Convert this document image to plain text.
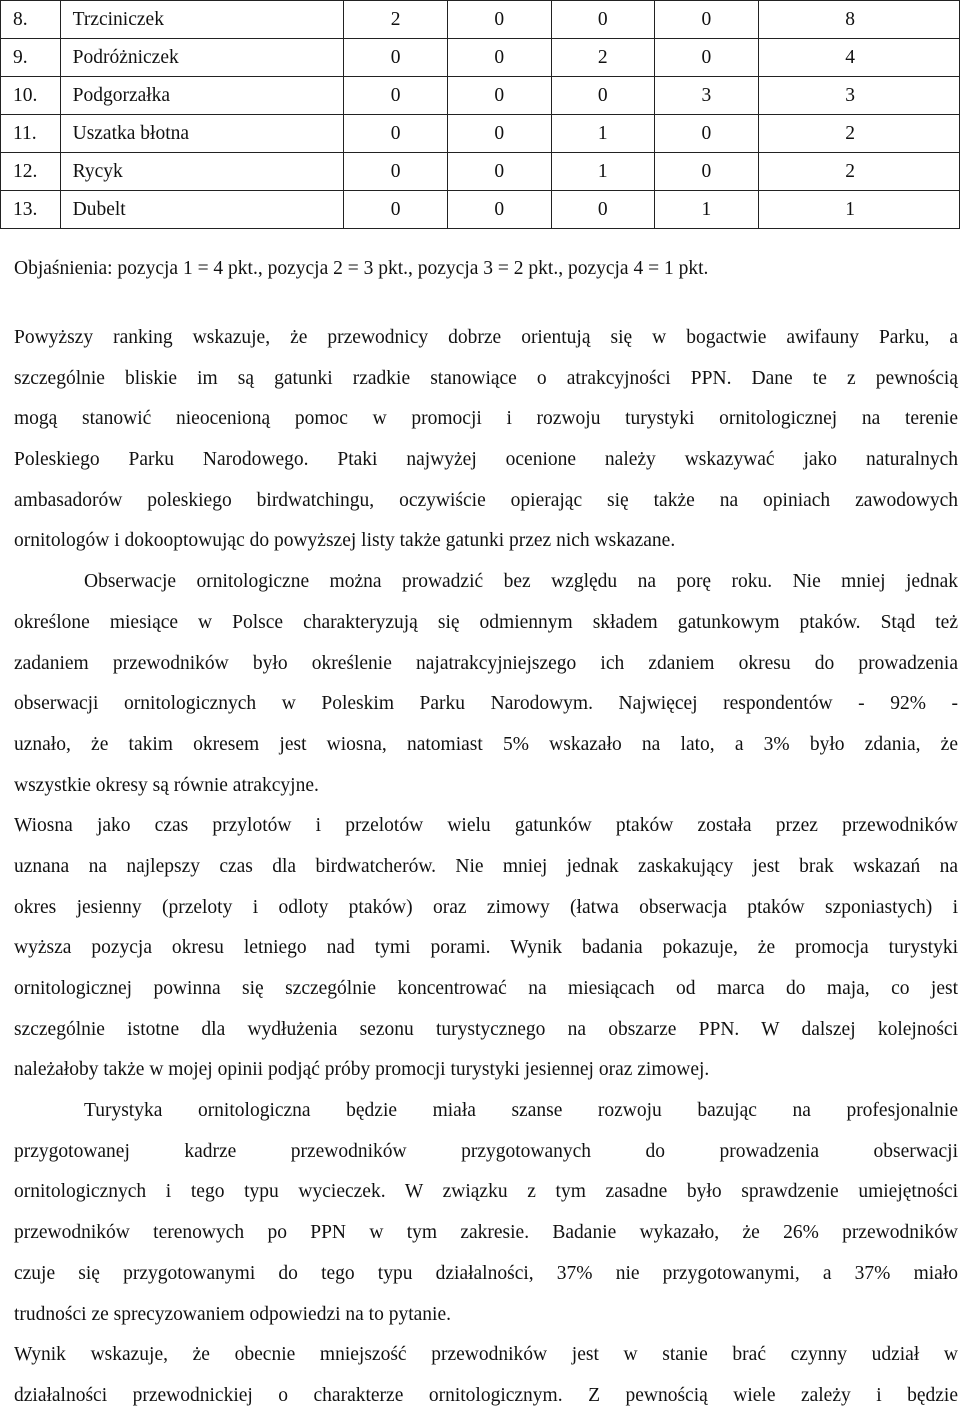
8.	Trzciniczek	2	0	0	0	8
9.	Podróżniczek	0	0	2	0	4
10.	Podgorzałka	0	0	0	3	3
11.	Uszatka błotna	0	0	1	0	2
12.	Rycyk	0	0	1	0	2
13.	Dubelt	0	0	0	1	1
Objaśnienia: pozycja 1 = 4 pkt., pozycja 2 = 3 pkt., pozycja 3 = 2 pkt., pozycja 4 = 1 pkt.
Powyższy ranking wskazuje, że przewodnicy dobrze orientują się w bogactwie awifauny Parku, a
szczególnie bliskie im są gatunki rzadkie stanowiące o atrakcyjności PPN. Dane te z pewnością
mogą stanowić nieocenioną pomoc w promocji i rozwoju turystyki ornitologicznej na terenie
Poleskiego Parku Narodowego. Ptaki najwyżej ocenione należy wskazywać jako naturalnych
ambasadorów poleskiego birdwatchingu, oczywiście opierając się także na opiniach zawodowych
ornitologów i dokooptowując do powyższej listy także gatunki przez nich wskazane.
Obserwacje ornitologiczne można prowadzić bez względu na porę roku. Nie mniej jednak
określone miesiące w Polsce charakteryzują się odmiennym składem gatunkowym ptaków. Stąd też
zadaniem przewodników było określenie najatrakcyjniejszego ich zdaniem okresu do prowadzenia
obserwacji ornitologicznych w Poleskim Parku Narodowym. Najwięcej respondentów - 92% -
uznało, że takim okresem jest wiosna, natomiast 5% wskazało na lato, a 3% było zdania, że
wszystkie okresy są równie atrakcyjne.
Wiosna jako czas przylotów i przelotów wielu gatunków ptaków została przez przewodników
uznana na najlepszy czas dla birdwatcherów. Nie mniej jednak zaskakujący jest brak wskazań na
okres jesienny (przeloty i odloty ptaków) oraz zimowy (łatwa obserwacja ptaków szponiastych) i
wyższa pozycja okresu letniego nad tymi porami. Wynik badania pokazuje, że promocja turystyki
ornitologicznej powinna się szczególnie koncentrować na miesiącach od marca do maja, co jest
szczególnie istotne dla wydłużenia sezonu turystycznego na obszarze PPN. W dalszej kolejności
należałoby także w mojej opinii podjąć próby promocji turystyki jesiennej oraz zimowej.
Turystyka ornitologiczna będzie miała szanse rozwoju bazując na profesjonalnie
przygotowanej kadrze przewodników przygotowanych do prowadzenia obserwacji
ornitologicznych i tego typu wycieczek. W związku z tym zasadne było sprawdzenie umiejętności
przewodników terenowych po PPN w tym zakresie. Badanie wykazało, że 26% przewodników
czuje się przygotowanymi do tego typu działalności, 37% nie przygotowanymi, a 37% miało
trudności ze sprecyzowaniem odpowiedzi na to pytanie.
Wynik wskazuje, że obecnie mniejszość przewodników jest w stanie brać czynny udział w
działalności przewodnickiej o charakterze ornitologicznym. Z pewnością wiele zależy i będzie
